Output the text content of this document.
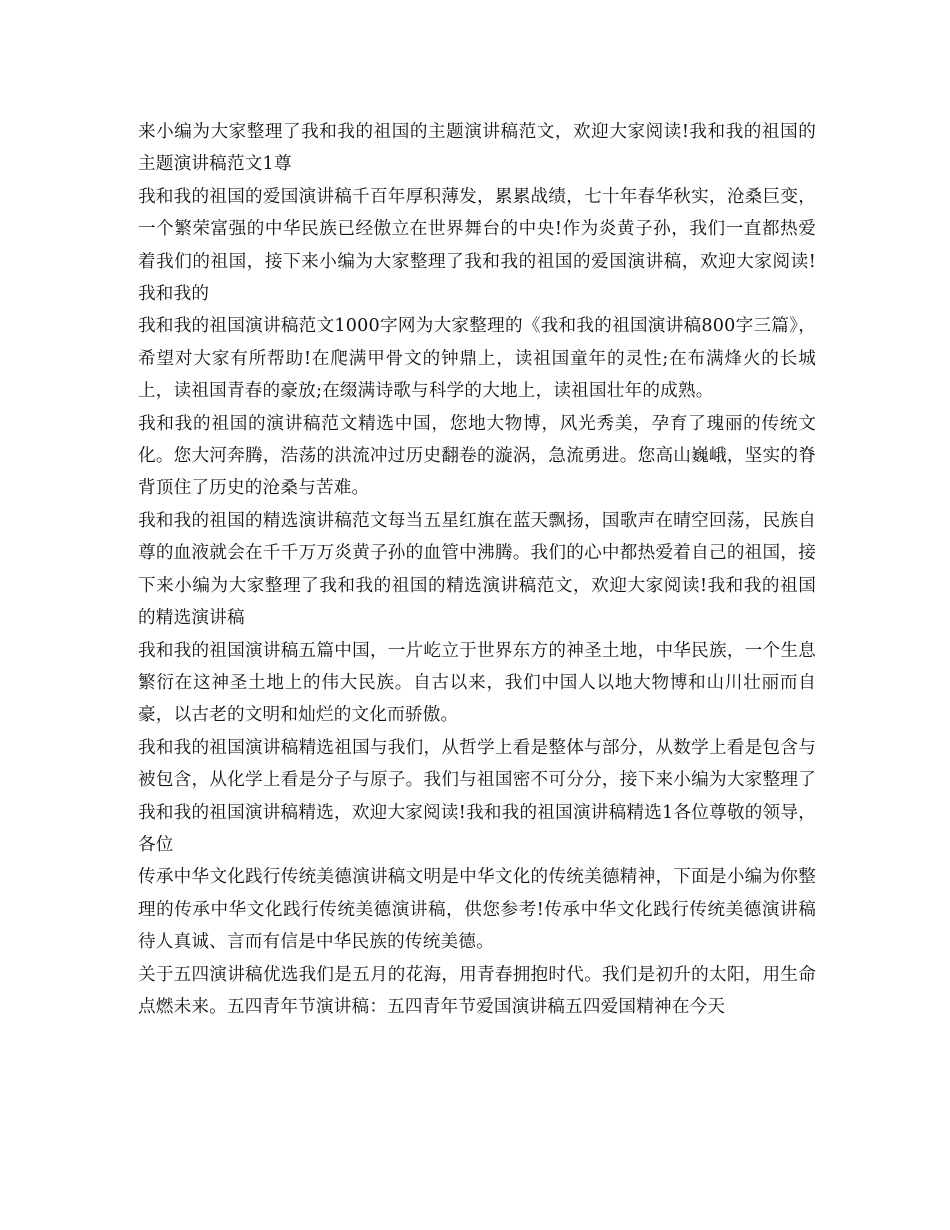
来小编为大家整理了我和我的祖国的主题演讲稿范文，欢迎大家阅读!我和我的祖国的主题演讲稿范文1尊

我和我的祖国的爱国演讲稿千百年厚积薄发，累累战绩，七十年春华秋实，沧桑巨变，一个繁荣富强的中华民族已经傲立在世界舞台的中央!作为炎黄子孙，我们一直都热爱着我们的祖国，接下来小编为大家整理了我和我的祖国的爱国演讲稿，欢迎大家阅读!我和我的

我和我的祖国演讲稿范文1000字网为大家整理的《我和我的祖国演讲稿800字三篇》，希望对大家有所帮助!在爬满甲骨文的钟鼎上，读祖国童年的灵性;在布满烽火的长城上，读祖国青春的豪放;在缀满诗歌与科学的大地上，读祖国壮年的成熟。

我和我的祖国的演讲稿范文精选中国，您地大物博，风光秀美，孕育了瑰丽的传统文化。您大河奔腾，浩荡的洪流冲过历史翻卷的漩涡，急流勇进。您高山巍峨，坚实的脊背顶住了历史的沧桑与苦难。

我和我的祖国的精选演讲稿范文每当五星红旗在蓝天飘扬，国歌声在晴空回荡，民族自尊的血液就会在千千万万炎黄子孙的血管中沸腾。我们的心中都热爱着自己的祖国，接下来小编为大家整理了我和我的祖国的精选演讲稿范文，欢迎大家阅读!我和我的祖国的精选演讲稿

我和我的祖国演讲稿五篇中国，一片屹立于世界东方的神圣土地，中华民族，一个生息繁衍在这神圣土地上的伟大民族。自古以来，我们中国人以地大物博和山川壮丽而自豪，以古老的文明和灿烂的文化而骄傲。

我和我的祖国演讲稿精选祖国与我们，从哲学上看是整体与部分，从数学上看是包含与被包含，从化学上看是分子与原子。我们与祖国密不可分分，接下来小编为大家整理了我和我的祖国演讲稿精选，欢迎大家阅读!我和我的祖国演讲稿精选1各位尊敬的领导，各位

传承中华文化践行传统美德演讲稿文明是中华文化的传统美德精神，下面是小编为你整理的传承中华文化践行传统美德演讲稿，供您参考!传承中华文化践行传统美德演讲稿待人真诚、言而有信是中华民族的传统美德。

关于五四演讲稿优选我们是五月的花海，用青春拥抱时代。我们是初升的太阳，用生命点燃未来。五四青年节演讲稿：五四青年节爱国演讲稿五四爱国精神在今天
